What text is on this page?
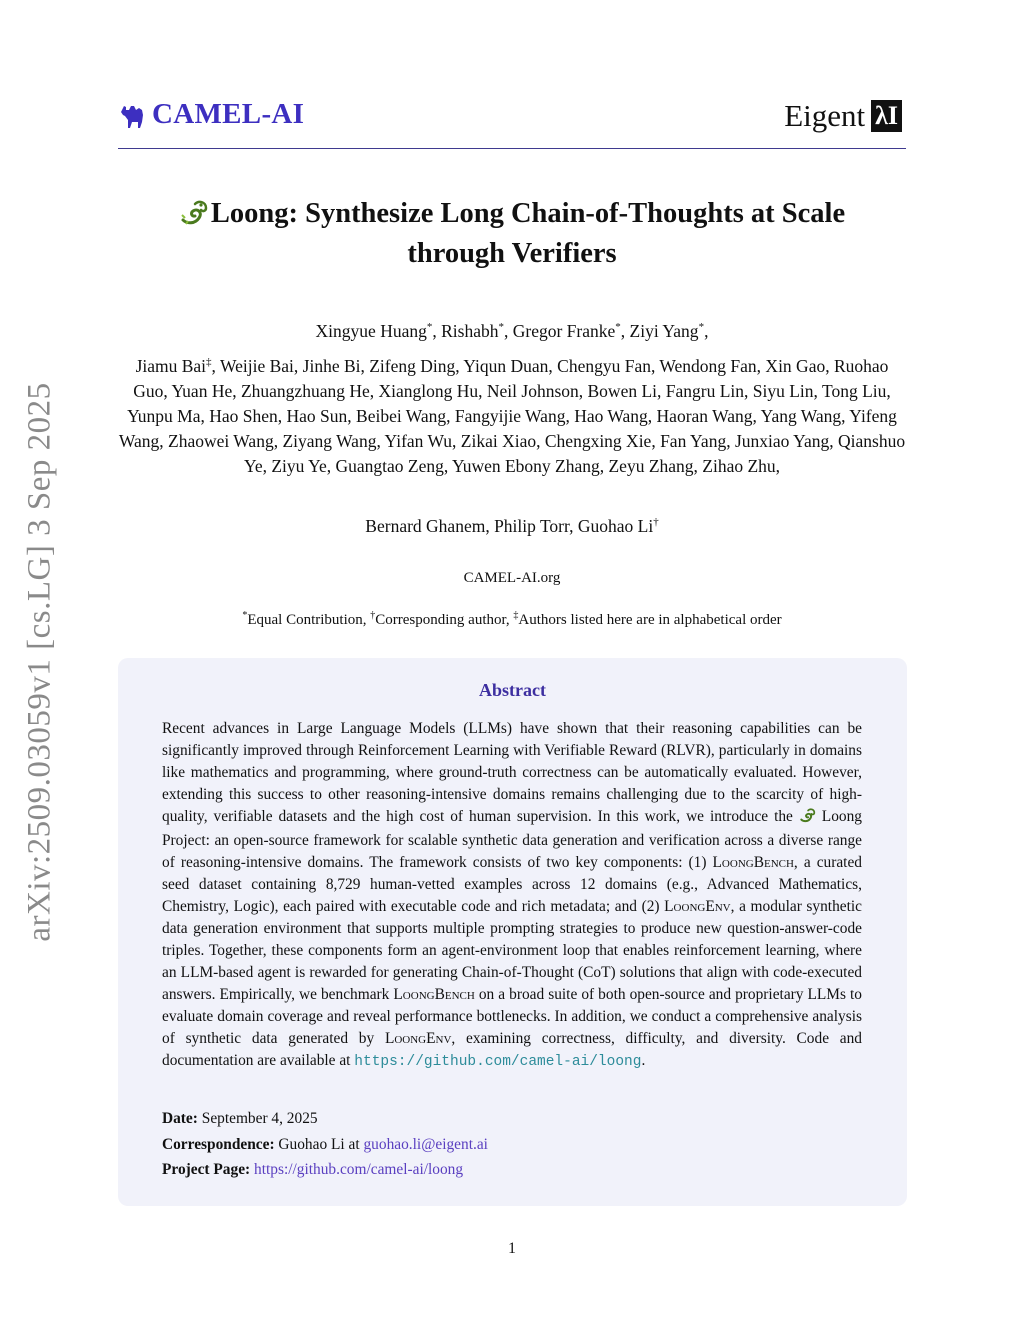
arXiv:2509.03059v1 [cs.LG] 3 Sep 2025
CAMEL-AI	Eigent λI
Loong: Synthesize Long Chain-of-Thoughts at Scale
through Verifiers
Xingyue Huang*, Rishabh*, Gregor Franke*, Ziyi Yang*,
Jiamu Bai‡, Weijie Bai, Jinhe Bi, Zifeng Ding, Yiqun Duan, Chengyu Fan, Wendong Fan, Xin Gao, Ruohao Guo, Yuan He, Zhuangzhuang He, Xianglong Hu, Neil Johnson, Bowen Li, Fangru Lin, Siyu Lin, Tong Liu, Yunpu Ma, Hao Shen, Hao Sun, Beibei Wang, Fangyijie Wang, Hao Wang, Haoran Wang, Yang Wang, Yifeng Wang, Zhaowei Wang, Ziyang Wang, Yifan Wu, Zikai Xiao, Chengxing Xie, Fan Yang, Junxiao Yang, Qianshuo Ye, Ziyu Ye, Guangtao Zeng, Yuwen Ebony Zhang, Zeyu Zhang, Zihao Zhu,
Bernard Ghanem, Philip Torr, Guohao Li†
CAMEL-AI.org
*Equal Contribution, †Corresponding author, ‡Authors listed here are in alphabetical order
Abstract
Recent advances in Large Language Models (LLMs) have shown that their reasoning capabilities can be significantly improved through Reinforcement Learning with Verifiable Reward (RLVR), particularly in domains like mathematics and programming, where ground-truth correctness can be automatically evaluated. However, extending this success to other reasoning-intensive domains remains challenging due to the scarcity of high-quality, verifiable datasets and the high cost of human supervision. In this work, we introduce the  Loong Project: an open-source framework for scalable synthetic data generation and verification across a diverse range of reasoning-intensive domains. The framework consists of two key components: (1) LoongBench, a curated seed dataset containing 8,729 human-vetted examples across 12 domains (e.g., Advanced Mathematics, Chemistry, Logic), each paired with executable code and rich metadata; and (2) LoongEnv, a modular synthetic data generation environment that supports multiple prompting strategies to produce new question-answer-code triples. Together, these components form an agent-environment loop that enables reinforcement learning, where an LLM-based agent is rewarded for generating Chain-of-Thought (CoT) solutions that align with code-executed answers. Empirically, we benchmark LoongBench on a broad suite of both open-source and proprietary LLMs to evaluate domain coverage and reveal performance bottlenecks. In addition, we conduct a comprehensive analysis of synthetic data generated by LoongEnv, examining correctness, difficulty, and diversity. Code and documentation are available at https://github.com/camel-ai/loong.
Date: September 4, 2025
Correspondence: Guohao Li at guohao.li@eigent.ai
Project Page: https://github.com/camel-ai/loong
1
